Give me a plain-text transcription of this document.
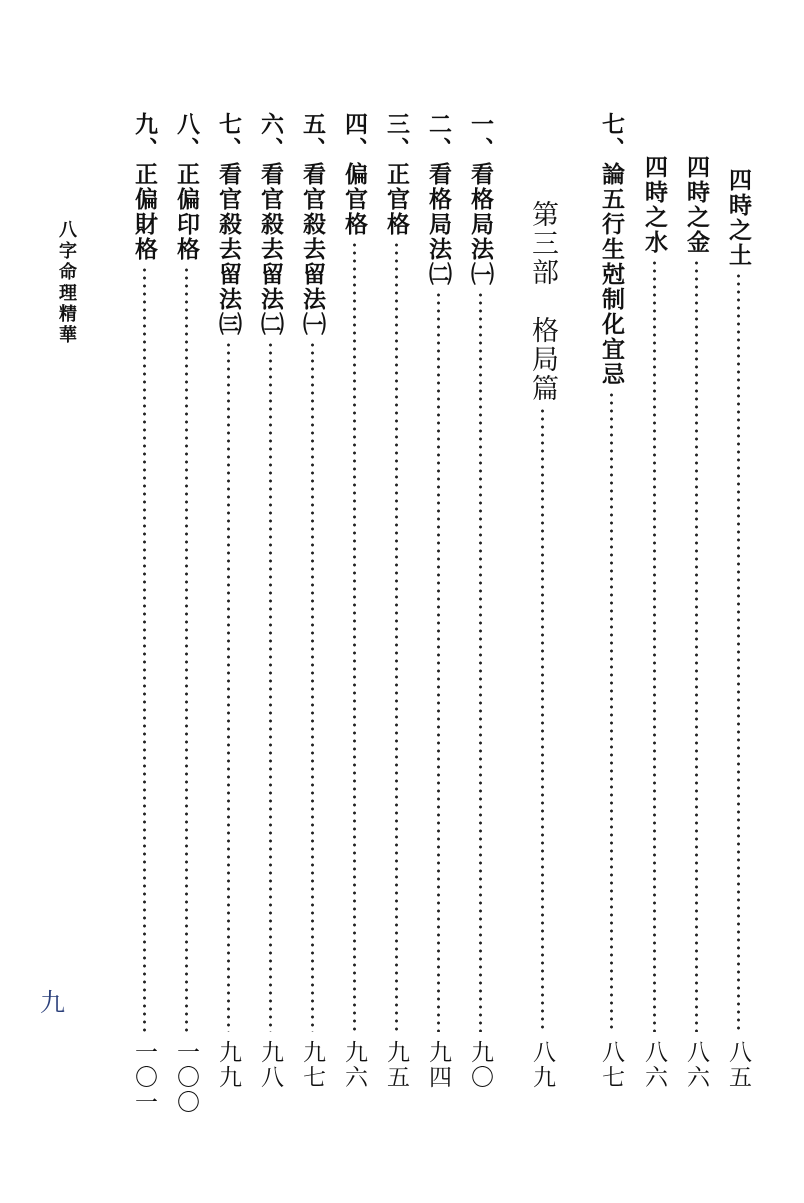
八字命理精華
九
四時之土
八五
四時之金
八六
四時之水
八六
七、論五行生尅制化宜忌
八七
第三部　格局篇
八九
一、看格局法㈠
九〇
二、看格局法㈡
九四
三、正官格
九五
四、偏官格
九六
五、看官殺去留法㈠
九七
六、看官殺去留法㈡
九八
七、看官殺去留法㈢
九九
八、正偏印格
一〇〇
九、正偏財格
一〇一
